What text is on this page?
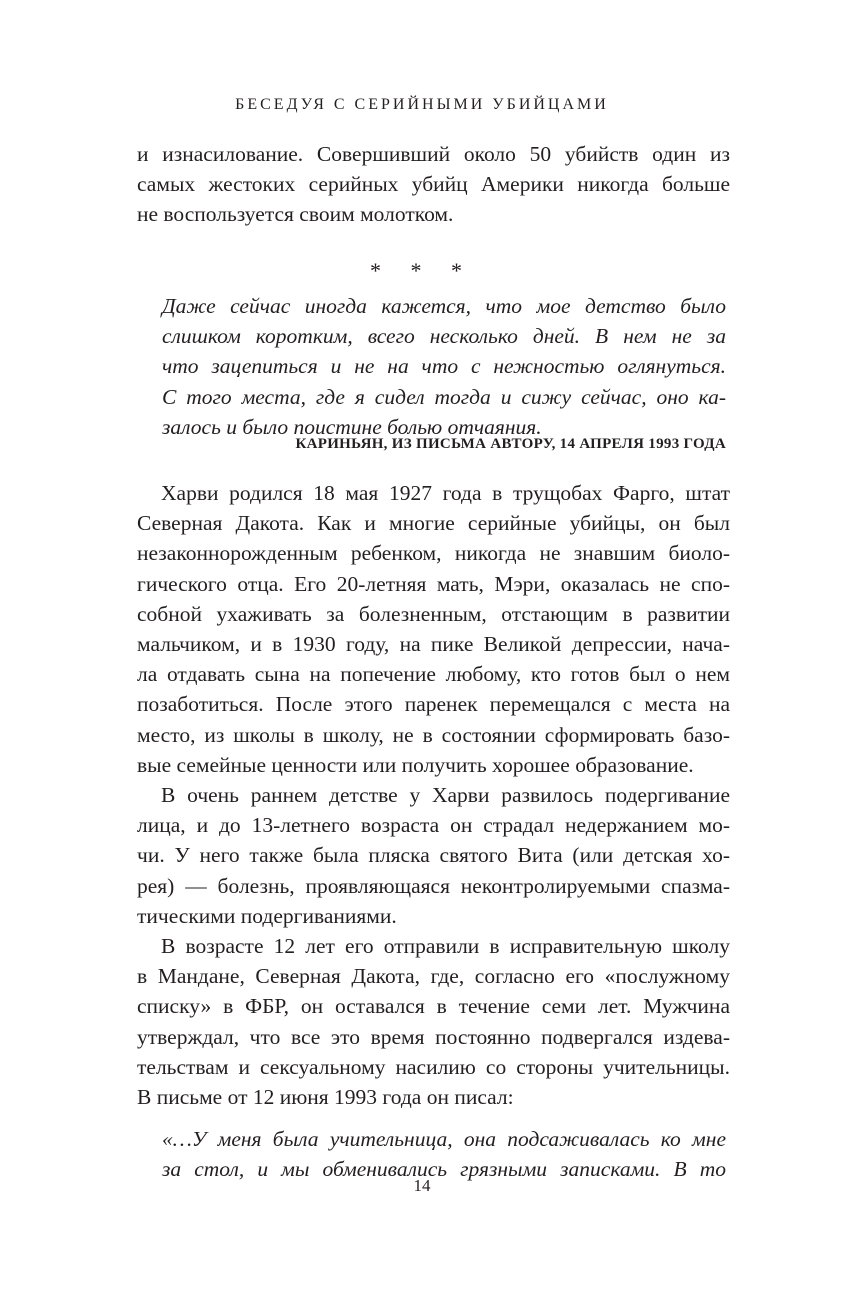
БЕСЕДУЯ С СЕРИЙНЫМИ УБИЙЦАМИ
и изнасилование. Совершивший около 50 убийств один из
самых жестоких серийных убийц Америки никогда больше
не воспользуется своим молотком.
* * *
Даже сейчас иногда кажется, что мое детство было
слишком коротким, всего несколько дней. В нем не за
что зацепиться и не на что с нежностью оглянуться.
С того места, где я сидел тогда и сижу сейчас, оно ка-
залось и было поистине болью отчаяния.
КАРИНЬЯН, ИЗ ПИСЬМА АВТОРУ, 14 АПРЕЛЯ 1993 ГОДА
Харви родился 18 мая 1927 года в трущобах Фарго, штат
Северная Дакота. Как и многие серийные убийцы, он был
незаконнорожденным ребенком, никогда не знавшим биоло-
гического отца. Его 20-летняя мать, Мэри, оказалась не спо-
собной ухаживать за болезненным, отстающим в развитии
мальчиком, и в 1930 году, на пике Великой депрессии, нача-
ла отдавать сына на попечение любому, кто готов был о нем
позаботиться. После этого паренек перемещался с места на
место, из школы в школу, не в состоянии сформировать базо-
вые семейные ценности или получить хорошее образование.
В очень раннем детстве у Харви развилось подергивание
лица, и до 13-летнего возраста он страдал недержанием мо-
чи. У него также была пляска святого Вита (или детская хо-
рея) — болезнь, проявляющаяся неконтролируемыми спазма-
тическими подергиваниями.
В возрасте 12 лет его отправили в исправительную школу
в Мандане, Северная Дакота, где, согласно его «послужному
списку» в ФБР, он оставался в течение семи лет. Мужчина
утверждал, что все это время постоянно подвергался издева-
тельствам и сексуальному насилию со стороны учительницы.
В письме от 12 июня 1993 года он писал:
«…У меня была учительница, она подсаживалась ко мне
за стол, и мы обменивались грязными записками. В то
14
